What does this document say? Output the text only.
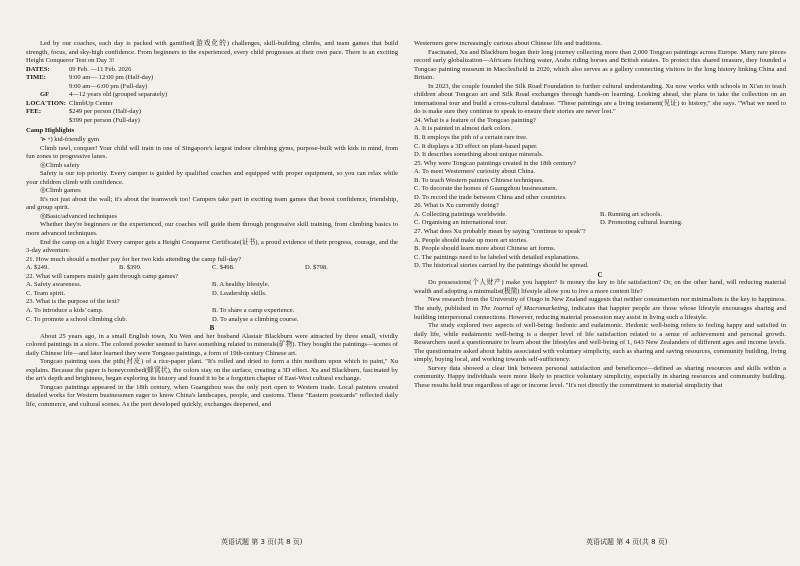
Led by our coaches, each day is packed with gamified(游戏化的) challenges, skill-building climbs, and team games that build strength, focus, and sky-high confidence. From beginners to the experienced, every child progresses at their own pace. There is an exciting Height Conqueror Test on Day 3!

DATES:	09 Feb. —11 Feb. 2026
TIME:	9:00 am— 12:00 pm (Half-day)
9:00 am—6:00 pm (Full-day)
GF	4—12 years old (grouped separately)
LOCA'TION: ClimbUp Center
FEE:	$249 per person (Half-day)
$399 per person (Full-day)

Camp Highlights

ኊ ʷ) kid-friendly gym

Climb rawl, conquer! Your child will train in one of Singapore's largest indoor climbing gyms, purpose-built with kids in mind, from fun zones to progressive lanes.

◎Climb safety

Safety is our top priority. Every camper is guided by qualified coaches and equipped with proper equipment, so you can relax while your children climb with confidence.

◎Climb games

It's not just about the wall; it's about the teamwork too! Campers take part in exciting team games that boost confidence, friendship, and group spirit.

◎Basic/advanced techniques

Whether they're beginners or the experienced, our coaches will guide them through progressive skill training, from climbing basics to more advanced techniques.

End the camp on a high! Every camper gets a Height Conqueror Certificate(证书), a proud evidence of their progress, courage, and the 3-day adventure.

21. How much should a mother pay for her two kids attending the camp full-day?

A. $249.	B. $399.	C. $498.	D. $798.

22. What will campers mainly gain through camp games?

A. Safety awareness.	B. A healthy lifestyle.
C. Team spirit.	D. Leadership skills.

23. What is the purpose of the text?

A. To introduce a kids' camp.	B. To share a camp experience.
C. To promote a school climbing club.	D. To analyse a climbing course.

B

About 25 years ago, in a small English town, Xu Wen and her husband Alastair Blackburn were attracted by three small, vividly colored paintings in a store. The colored powder seemed to have something related to minerals(矿物). They bought the paintings—scenes of daily Chinese life—and later learned they were Tongeao paintings, a form of 19th-century Chinese art.

Tongcao painting uses the pith(衬皮) of a rice-paper plant. "It's rolled and dried to form a thin medium upon which to paint," Xu explains. Because the paper is honeycombed(蜂窝状), the colors stay on the surface, creating a 3D effect. Xu and Blackburn, fascinated by the art's depth and brightness, began exploring its history and found it to be a forgotten chapter of East-West cultural exchange.

Tongcao paintings appeared in the 18th century, when Guangzhou was the only port open to Western trade. Local painters created detailed works for Western businessmen eager to know China's landscapes, people, and customs. These "Eastern postcards" reflected daily life, commerce, and cultural scenes. As the port developed quickly, exchanges deepened, and

Westerners grew increasingly curious about Chinese life and traditions.

Fascinated, Xu and Blackburn began their long journey collecting more than 2,000 Tongcao paintings across Europe. Many rare pieces record early globalization—Africans fetching water, Arabs riding horses and British estates. To protect this shared treasure, they founded a Tongcao painting museum in Macclesfield in 2020, which also serves as a gallery connecting visitors to the long history linking China and Britain.

In 2023, the couple founded the Silk Road Foundation to further cultural understanding. Xu now works with schools in Xi'an to teach children about Tongcao art and Silk Road exchanges through hands-on learning. Looking ahead, she plans to take the collection on an international tour and build a cross-cultural database. "These paintings are a living testament(见证) to history," she says. "What we need to do is make sure they continue to speak to ensure their stories are never lost."

24. What is a feature of the Tongcao painting?

A. It is painted in almost dark colors.

B. It employs the pith of a certain rare tree.

C. It displays a 3D effect on plant-based paper.

D. It describes something about unique minerals.

25. Why were Tongcao paintings created in the 18th century?

A. To meet Westerners' curiosity about China.

B. To teach Western painters Chinese techniques.

C. To decorate the homes of Guangzhou businessmen.

D. To record the trade between China and other countries.

26. What is Xu currently doing?

A. Collecting paintings worldwide.	B. Running art schools.
C. Organising an international tour.	D. Promoting cultural learning.

27. What does Xu probably mean by saying "continue to speak"?

A. People should make up more art stories.

B. People should learn more about Chinese art forms.

C. The paintings need to be labeled with detailed explanations.

D. The historical stories carried by the paintings should be spread.

C

Do possessions(个人财产) make you happier? Is money the key to life satisfaction? Or, on the other hand, will reducing material wealth and adopting a minimalist(极简) lifestyle allow you to live a more content life?

New research from the University of Otago in New Zealand suggests that neither consumerism nor minimalism is the key to happiness. The study, published in The Journal of Macromarketing, indicates that happier people are those whose lifestyle encourages sharing and building interpersonal connections. However, reducing material possession may assist in living such a lifestyle.

The study explored two aspects of well-being: hedonic and eudaimonic. Hedonic well-being refers to feeling happy and satisfied in daily life, while eudaimonic well-being is a deeper level of life satisfaction related to a sense of achievement and personal growth. Researchers used a questionnaire to learn about the lifestyles and well-being of 1, 643 New Zealanders of different ages and income levels. The questionnaire asked about habits associated with voluntary simplicity, such as sharing and saving resources, community building, living simply, buying local, and working towards self-sufficiency.

Survey data showed a clear link between personal satisfaction and beneficence—defined as sharing resources and skills within a community. Happy individuals were more likely to practice voluntary simplicity, especially in sharing resources and community building. These results held true regardless of age or income level. "It's not directly the commitment to material simplicity that

英语试题 第 3 页(共 8 页)	英语试题 第 4 页(共 8 页)
